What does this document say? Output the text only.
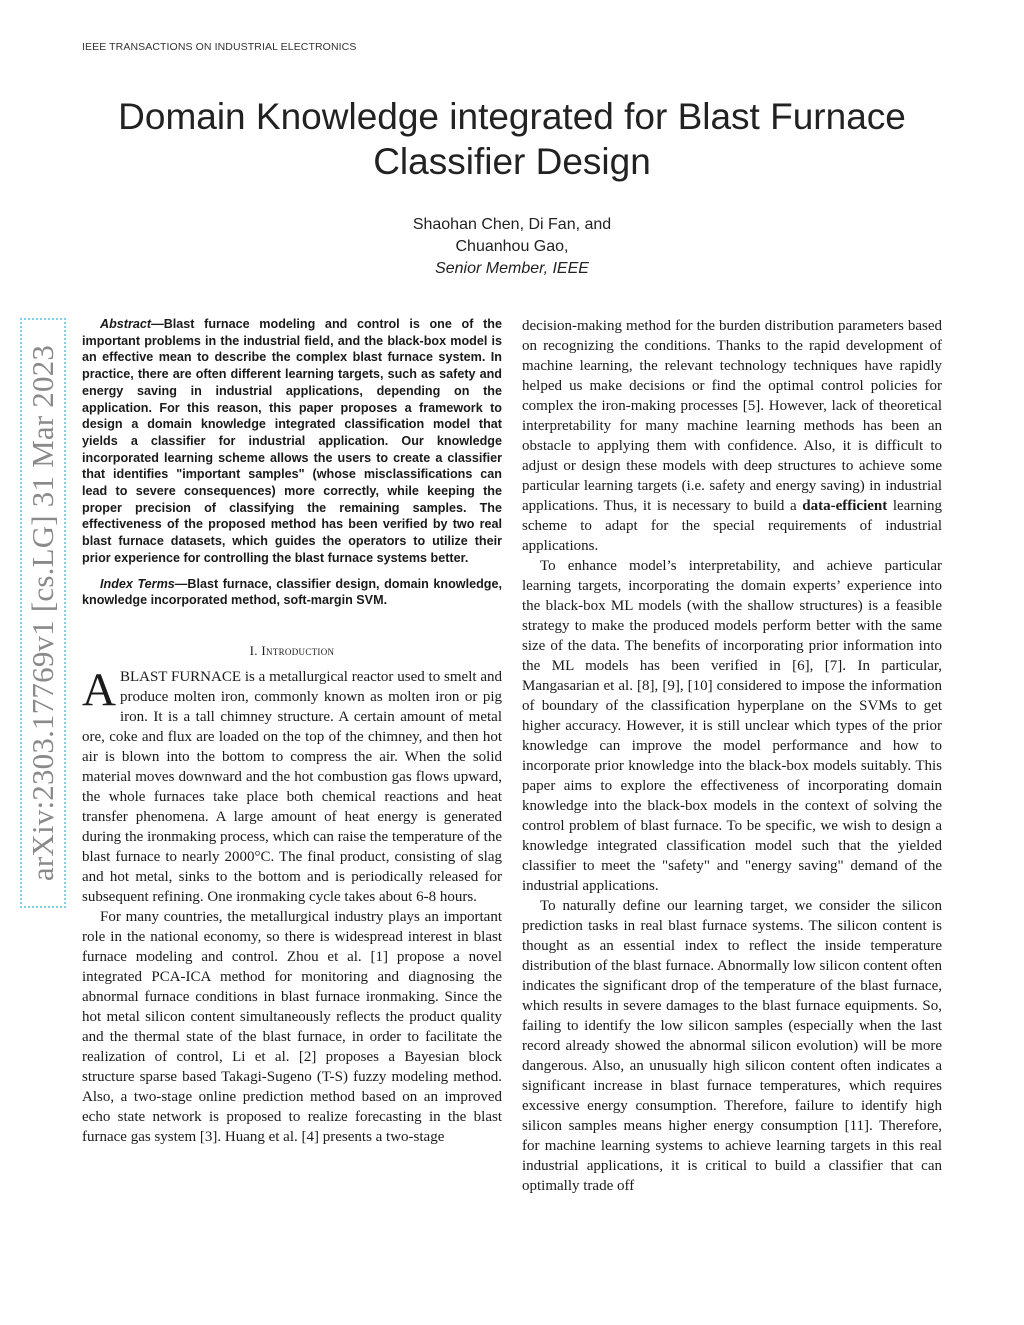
IEEE TRANSACTIONS ON INDUSTRIAL ELECTRONICS
Domain Knowledge integrated for Blast Furnace
Classifier Design
Shaohan Chen, Di Fan, and
Chuanhou Gao,
Senior Member, IEEE
arXiv:2303.17769v1 [cs.LG] 31 Mar 2023

Abstract—Blast furnace modeling and control is one of the important problems in the industrial field, and the black-box model is an effective mean to describe the complex blast furnace system. In practice, there are often different learning targets, such as safety and energy saving in industrial applications, depending on the application. For this reason, this paper proposes a framework to design a domain knowledge integrated classification model that yields a classifier for industrial application. Our knowledge incorporated learning scheme allows the users to create a classifier that identifies "important samples" (whose misclassifications can lead to severe consequences) more correctly, while keeping the proper precision of classifying the remaining samples. The effectiveness of the proposed method has been verified by two real blast furnace datasets, which guides the operators to utilize their prior experience for controlling the blast furnace systems better.

Index Terms—Blast furnace, classifier design, domain knowledge, knowledge incorporated method, soft-margin SVM.

I. Introduction

A BLAST FURNACE is a metallurgical reactor used to smelt and produce molten iron, commonly known as molten iron or pig iron. It is a tall chimney structure. A certain amount of metal ore, coke and flux are loaded on the top of the chimney, and then hot air is blown into the bottom to compress the air. When the solid material moves downward and the hot combustion gas flows upward, the whole furnaces take place both chemical reactions and heat transfer phenomena. A large amount of heat energy is generated during the ironmaking process, which can raise the temperature of the blast furnace to nearly 2000°C. The final product, consisting of slag and hot metal, sinks to the bottom and is periodically released for subsequent refining. One ironmaking cycle takes about 6-8 hours.

For many countries, the metallurgical industry plays an important role in the national economy, so there is widespread interest in blast furnace modeling and control. Zhou et al. [1] propose a novel integrated PCA-ICA method for monitoring and diagnosing the abnormal furnace conditions in blast furnace ironmaking. Since the hot metal silicon content simultaneously reflects the product quality and the thermal state of the blast furnace, in order to facilitate the realization of control, Li et al. [2] proposes a Bayesian block structure sparse based Takagi-Sugeno (T-S) fuzzy modeling method. Also, a two-stage online prediction method based on an improved echo state network is proposed to realize forecasting in the blast furnace gas system [3]. Huang et al. [4] presents a two-stage

decision-making method for the burden distribution parameters based on recognizing the conditions. Thanks to the rapid development of machine learning, the relevant technology techniques have rapidly helped us make decisions or find the optimal control policies for complex the iron-making processes [5]. However, lack of theoretical interpretability for many machine learning methods has been an obstacle to applying them with confidence. Also, it is difficult to adjust or design these models with deep structures to achieve some particular learning targets (i.e. safety and energy saving) in industrial applications. Thus, it is necessary to build a data-efficient learning scheme to adapt for the special requirements of industrial applications.

To enhance model’s interpretability, and achieve particular learning targets, incorporating the domain experts’ experience into the black-box ML models (with the shallow structures) is a feasible strategy to make the produced models perform better with the same size of the data. The benefits of incorporating prior information into the ML models has been verified in [6], [7]. In particular, Mangasarian et al. [8], [9], [10] considered to impose the information of boundary of the classification hyperplane on the SVMs to get higher accuracy. However, it is still unclear which types of the prior knowledge can improve the model performance and how to incorporate prior knowledge into the black-box models suitably. This paper aims to explore the effectiveness of incorporating domain knowledge into the black-box models in the context of solving the control problem of blast furnace. To be specific, we wish to design a knowledge integrated classification model such that the yielded classifier to meet the "safety" and "energy saving" demand of the industrial applications.

To naturally define our learning target, we consider the silicon prediction tasks in real blast furnace systems. The silicon content is thought as an essential index to reflect the inside temperature distribution of the blast furnace. Abnormally low silicon content often indicates the significant drop of the temperature of the blast furnace, which results in severe damages to the blast furnace equipments. So, failing to identify the low silicon samples (especially when the last record already showed the abnormal silicon evolution) will be more dangerous. Also, an unusually high silicon content often indicates a significant increase in blast furnace temperatures, which requires excessive energy consumption. Therefore, failure to identify high silicon samples means higher energy consumption [11]. Therefore, for machine learning systems to achieve learning targets in this real industrial applications, it is critical to build a classifier that can optimally trade off
